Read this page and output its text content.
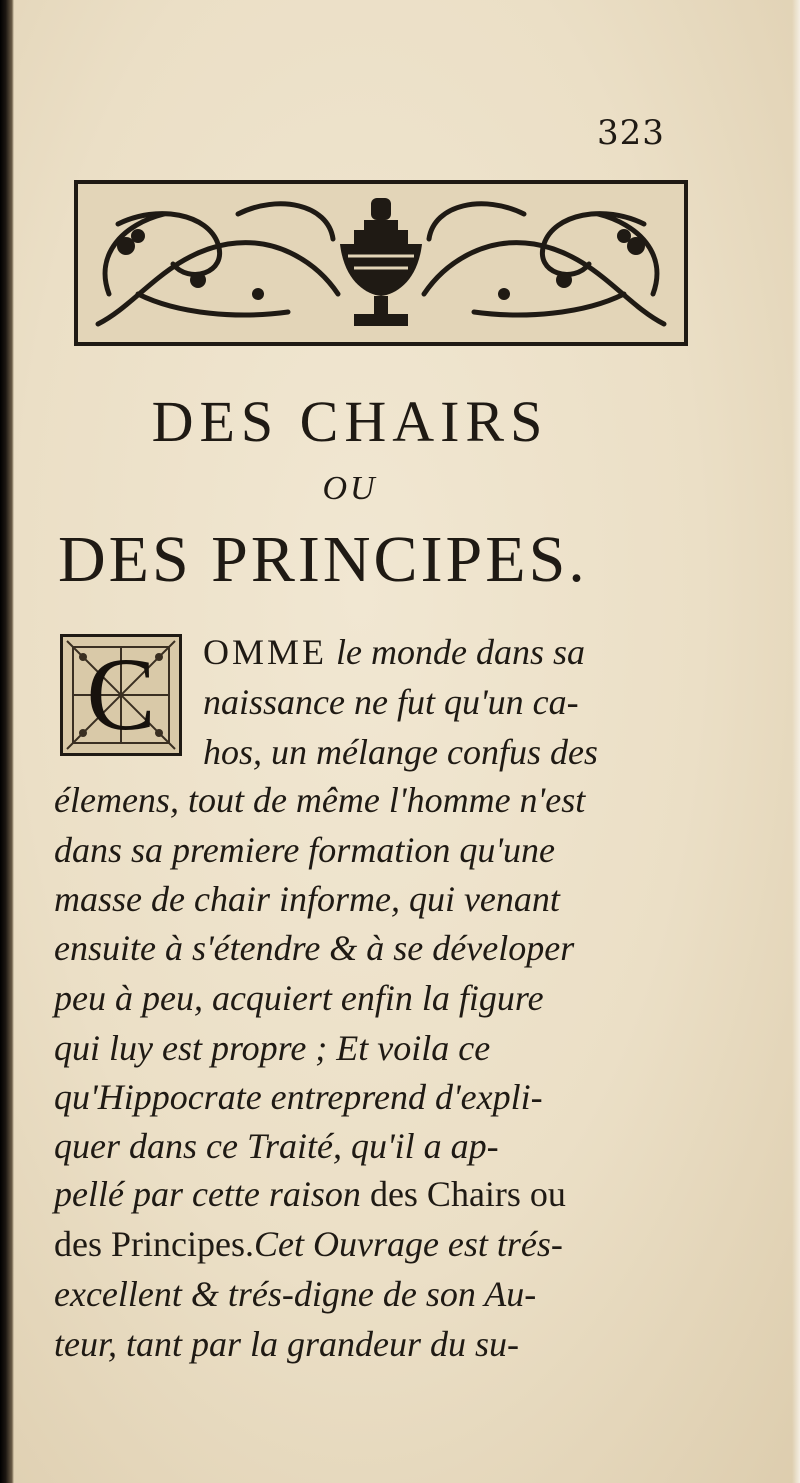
323
DES CHAIRS
OU
DES PRINCIPES.
C	OMME le monde dans sa
naissance ne fut qu'un ca-
hos, un mélange confus des
élemens, tout de même l'homme n'est
dans sa premiere formation qu'une
masse de chair informe, qui venant
ensuite à s'étendre & à se déveloper
peu à peu, acquiert enfin la figure
qui luy est propre ; Et voila ce
qu'Hippocrate entreprend d'expli-
quer dans ce Traité, qu'il a ap-
pellé par cette raison des Chairs ou
des Principes.Cet Ouvrage est trés-
excellent & trés-digne de son Au-
teur, tant par la grandeur du su-
